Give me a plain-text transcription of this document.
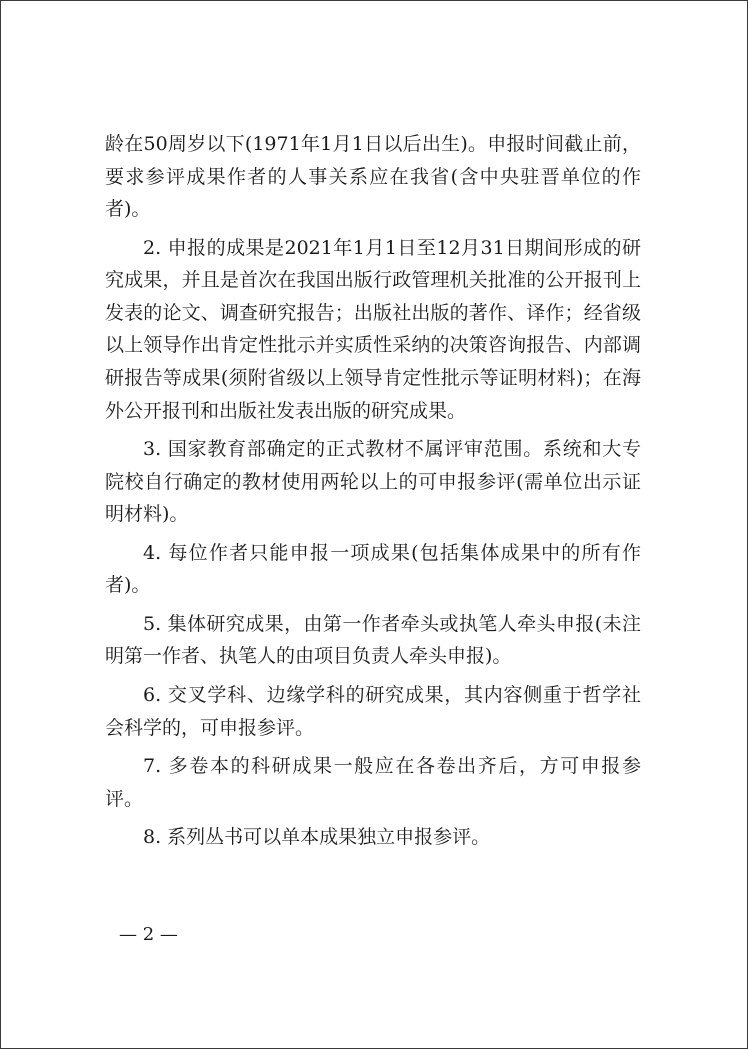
龄在50周岁以下(1971年1月1日以后出生)。申报时间截止前，要求参评成果作者的人事关系应在我省(含中央驻晋单位的作者)。

2. 申报的成果是2021年1月1日至12月31日期间形成的研究成果，并且是首次在我国出版行政管理机关批准的公开报刊上发表的论文、调查研究报告；出版社出版的著作、译作；经省级以上领导作出肯定性批示并实质性采纳的决策咨询报告、内部调研报告等成果(须附省级以上领导肯定性批示等证明材料)；在海外公开报刊和出版社发表出版的研究成果。

3. 国家教育部确定的正式教材不属评审范围。系统和大专院校自行确定的教材使用两轮以上的可申报参评(需单位出示证明材料)。

4. 每位作者只能申报一项成果(包括集体成果中的所有作者)。

5. 集体研究成果，由第一作者牵头或执笔人牵头申报(未注明第一作者、执笔人的由项目负责人牵头申报)。

6. 交叉学科、边缘学科的研究成果，其内容侧重于哲学社会科学的，可申报参评。

7. 多卷本的科研成果一般应在各卷出齐后，方可申报参评。

8. 系列丛书可以单本成果独立申报参评。

— 2 —
